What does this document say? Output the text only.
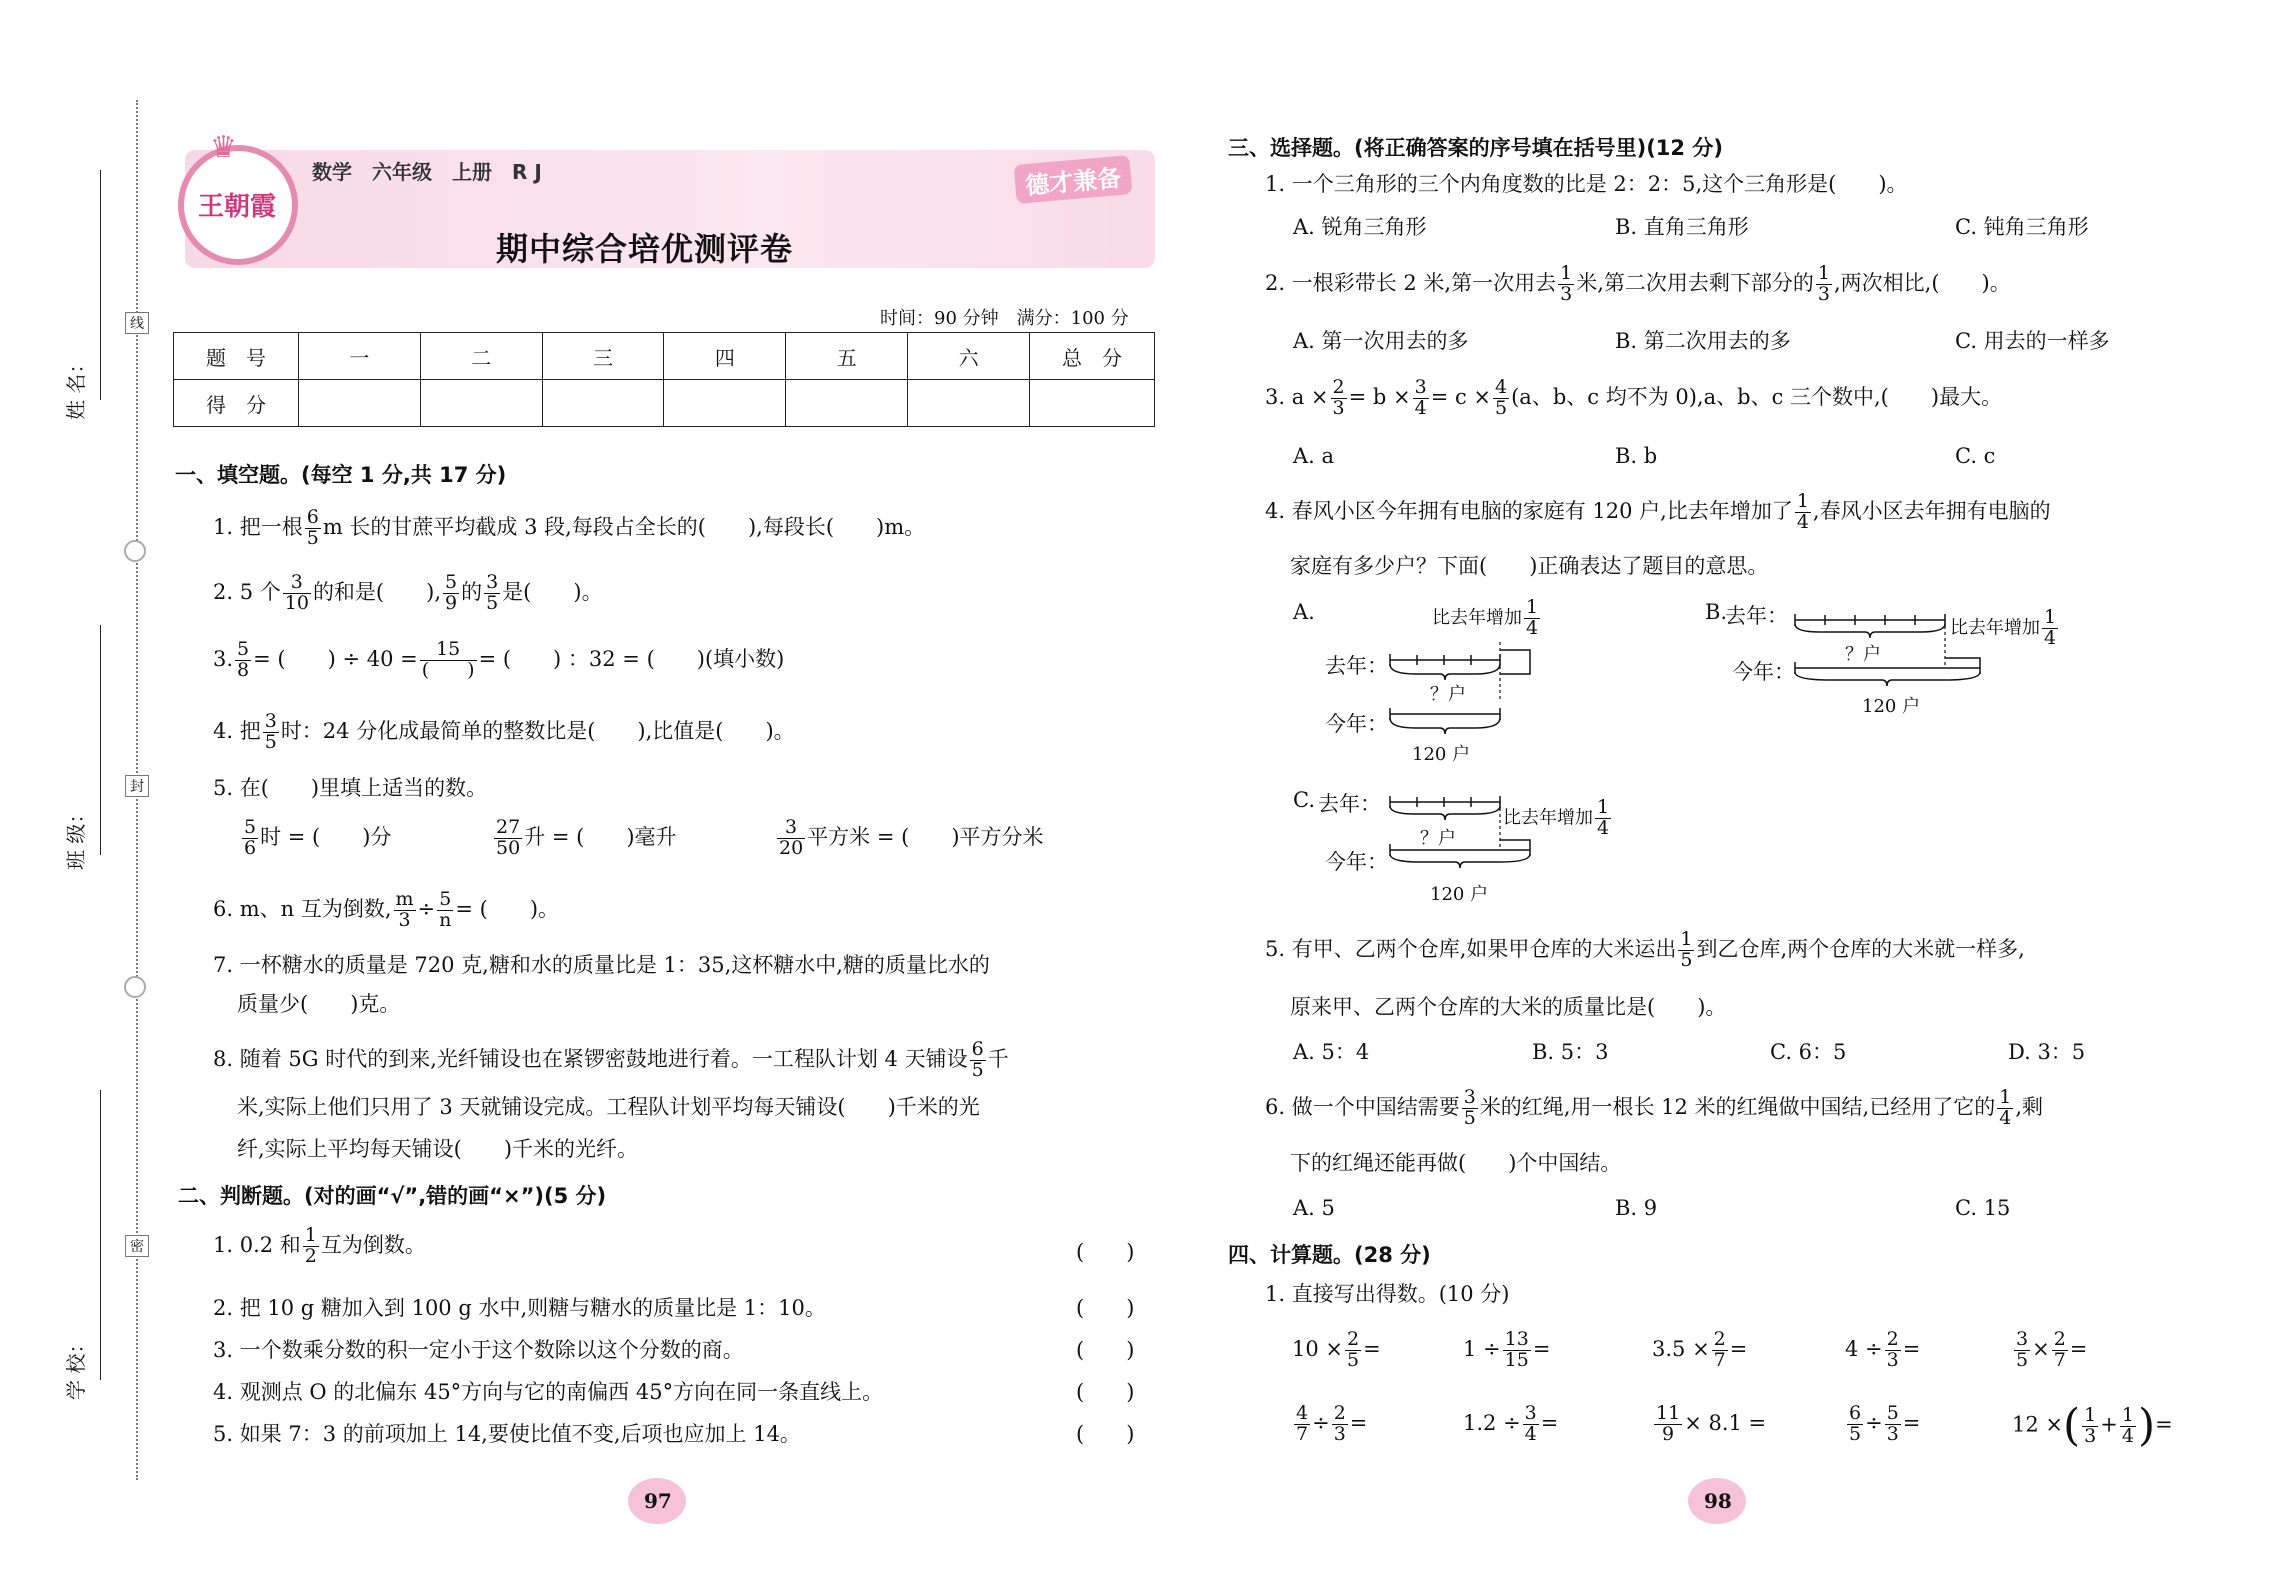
线
封
密
姓 名：
班 级：
学 校：
♛
王朝霞
数学　六年级　上册　R J	德才兼备
期中综合培优测评卷
时间：90 分钟　满分：100 分
题　号	一	二	三	四	五	六	总　分
得　分							
一、填空题。(每空 1 分,共 17 分)
1. 把一根 $\frac{6}{5}$ m 长的甘蔗平均截成 3 段,每段占全长的(　　),每段长(　　)m。
2. 5 个 $\frac{3}{10}$ 的和是(　　), $\frac{5}{9}$ 的 $\frac{3}{5}$ 是(　　)。
3. $\frac{5}{8}$ = (　　) ÷ $40 = \frac{15}{( )}$ = (　　) ：32 = (　　)(填小数)
4. 把 $\frac{3}{5}$ 时：24 分化成最简单的整数比是(　　),比值是(　　)。
5. 在(　　)里填上适当的数。
$\frac{5}{6}$ 时 = (　　)分	$\frac{27}{50}$ 升 = (　　)毫升	$\frac{3}{20}$ 平方米 = (　　)平方分米
6. m、n 互为倒数, $\frac{m}{3} \div \frac{5}{n}$ = (　　)。
7. 一杯糖水的质量是 720 克,糖和水的质量比是 1：35,这杯糖水中,糖的质量比水的
质量少(　　)克。
8. 随着 5G 时代的到来,光纤铺设也在紧锣密鼓地进行着。一工程队计划 4 天铺设 $\frac{6}{5}$ 千
米,实际上他们只用了 3 天就铺设完成。工程队计划平均每天铺设(　　)千米的光
纤,实际上平均每天铺设(　　)千米的光纤。
二、判断题。(对的画“√”,错的画“×”)(5 分)
1. 0.2 和 $\frac{1}{2}$ 互为倒数。
2. 把 10 g 糖加入到 100 g 水中,则糖与糖水的质量比是 1：10。
3. 一个数乘分数的积一定小于这个数除以这个分数的商。
4. 观测点 O 的北偏东 45°方向与它的南偏西 45°方向在同一条直线上。
5. 如果 7：3 的前项加上 14,要使比值不变,后项也应加上 14。
(　　)
(　　)
(　　)
(　　)
(　　)
97
三、选择题。(将正确答案的序号填在括号里)(12 分)
1. 一个三角形的三个内角度数的比是 2：2：5,这个三角形是(　　)。
A. 锐角三角形	B. 直角三角形	C. 钝角三角形
2. 一根彩带长 2 米,第一次用去 $\frac{1}{3}$ 米,第二次用去剩下部分的 $\frac{1}{3}$ ,两次相比,(　　)。
A. 第一次用去的多	B. 第二次用去的多	C. 用去的一样多
3. $a \times \frac{2}{3} = b \times \frac{3}{4} = c \times \frac{4}{5} (a$、b、c 均不为 0),a、b、c 三个数中,(　　)最大。
A. a	B. b	C. c
4. 春风小区今年拥有电脑的家庭有 120 户,比去年增加了 $\frac{1}{4}$ ,春风小区去年拥有电脑的
家庭有多少户？下面(　　)正确表达了题目的意思。
A.
去年：
今年：
？户
120 户
比去年增加 $\frac{1}{4}$	B.
去年：
今年：
？户
120 户
比去年增加 $\frac{1}{4}$
C. 去年：
今年：
？户
120 户
比去年增加 $\frac{1}{4}$
5. 有甲、乙两个仓库,如果甲仓库的大米运出 $\frac{1}{5}$ 到乙仓库,两个仓库的大米就一样多,
原来甲、乙两个仓库的大米的质量比是(　　)。
A. 5：4	B. 5：3	C. 6：5	D. 3：5
6. 做一个中国结需要 $\frac{3}{5}$ 米的红绳,用一根长 12 米的红绳做中国结,已经用了它的 $\frac{1}{4}$ ,剩
下的红绳还能再做(　　)个中国结。
A. 5	B. 9	C. 15
四、计算题。(28 分)
1. 直接写出得数。(10 分)
$10 \times \frac{2}{5}$ =	$1 \div \frac{13}{15}$ =	$3.5 \times \frac{2}{7}$ =	$4 \div \frac{2}{3}$ =	$\frac{3}{5} \times \frac{2}{7}$ =
$\frac{4}{7} \div \frac{2}{3}$ =	$1.2 \div \frac{3}{4}$ =	$\frac{11}{9} \times 8.1$ =	$\frac{6}{5} \div \frac{5}{3}$ =	12 ×( $\frac{1}{3} + \frac{1}{4}$ )=
98
